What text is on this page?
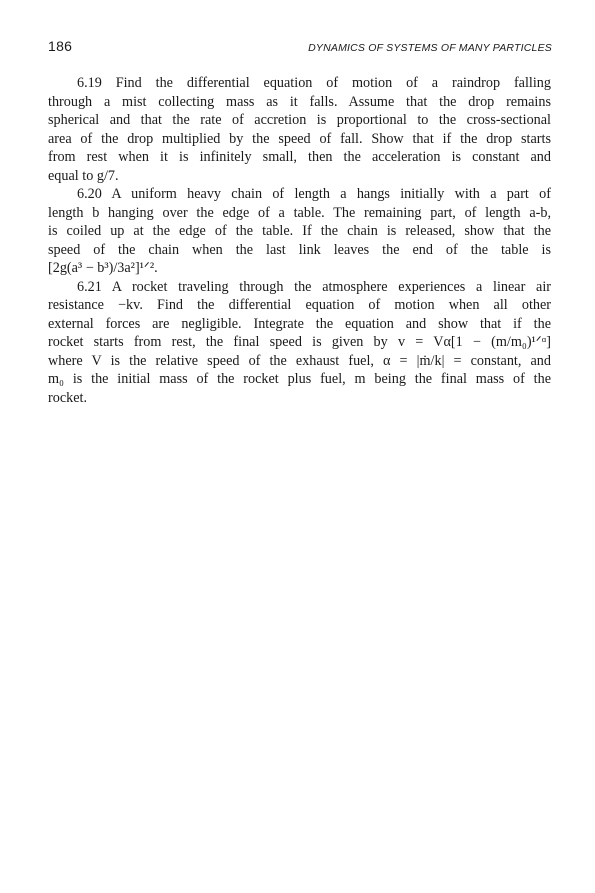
186	DYNAMICS OF SYSTEMS OF MANY PARTICLES
6.19 Find the differential equation of motion of a raindrop falling
through a mist collecting mass as it falls. Assume that the drop remains
spherical and that the rate of accretion is proportional to the cross-sectional
area of the drop multiplied by the speed of fall. Show that if the drop starts
from rest when it is infinitely small, then the acceleration is constant and
equal to g/7.
6.20 A uniform heavy chain of length a hangs initially with a part of
length b hanging over the edge of a table. The remaining part, of length a-b,
is coiled up at the edge of the table. If the chain is released, show that the
speed of the chain when the last link leaves the end of the table is
[2g(a³ − b³)/3a²]¹ᐟ².
6.21 A rocket traveling through the atmosphere experiences a linear air
resistance −kv. Find the differential equation of motion when all other
external forces are negligible. Integrate the equation and show that if the
rocket starts from rest, the final speed is given by v = Vα[1 − (m/m₀)¹ᐟᵅ]
where V is the relative speed of the exhaust fuel, α = |ṁ/k| = constant, and
m₀ is the initial mass of the rocket plus fuel, m being the final mass of the
rocket.
